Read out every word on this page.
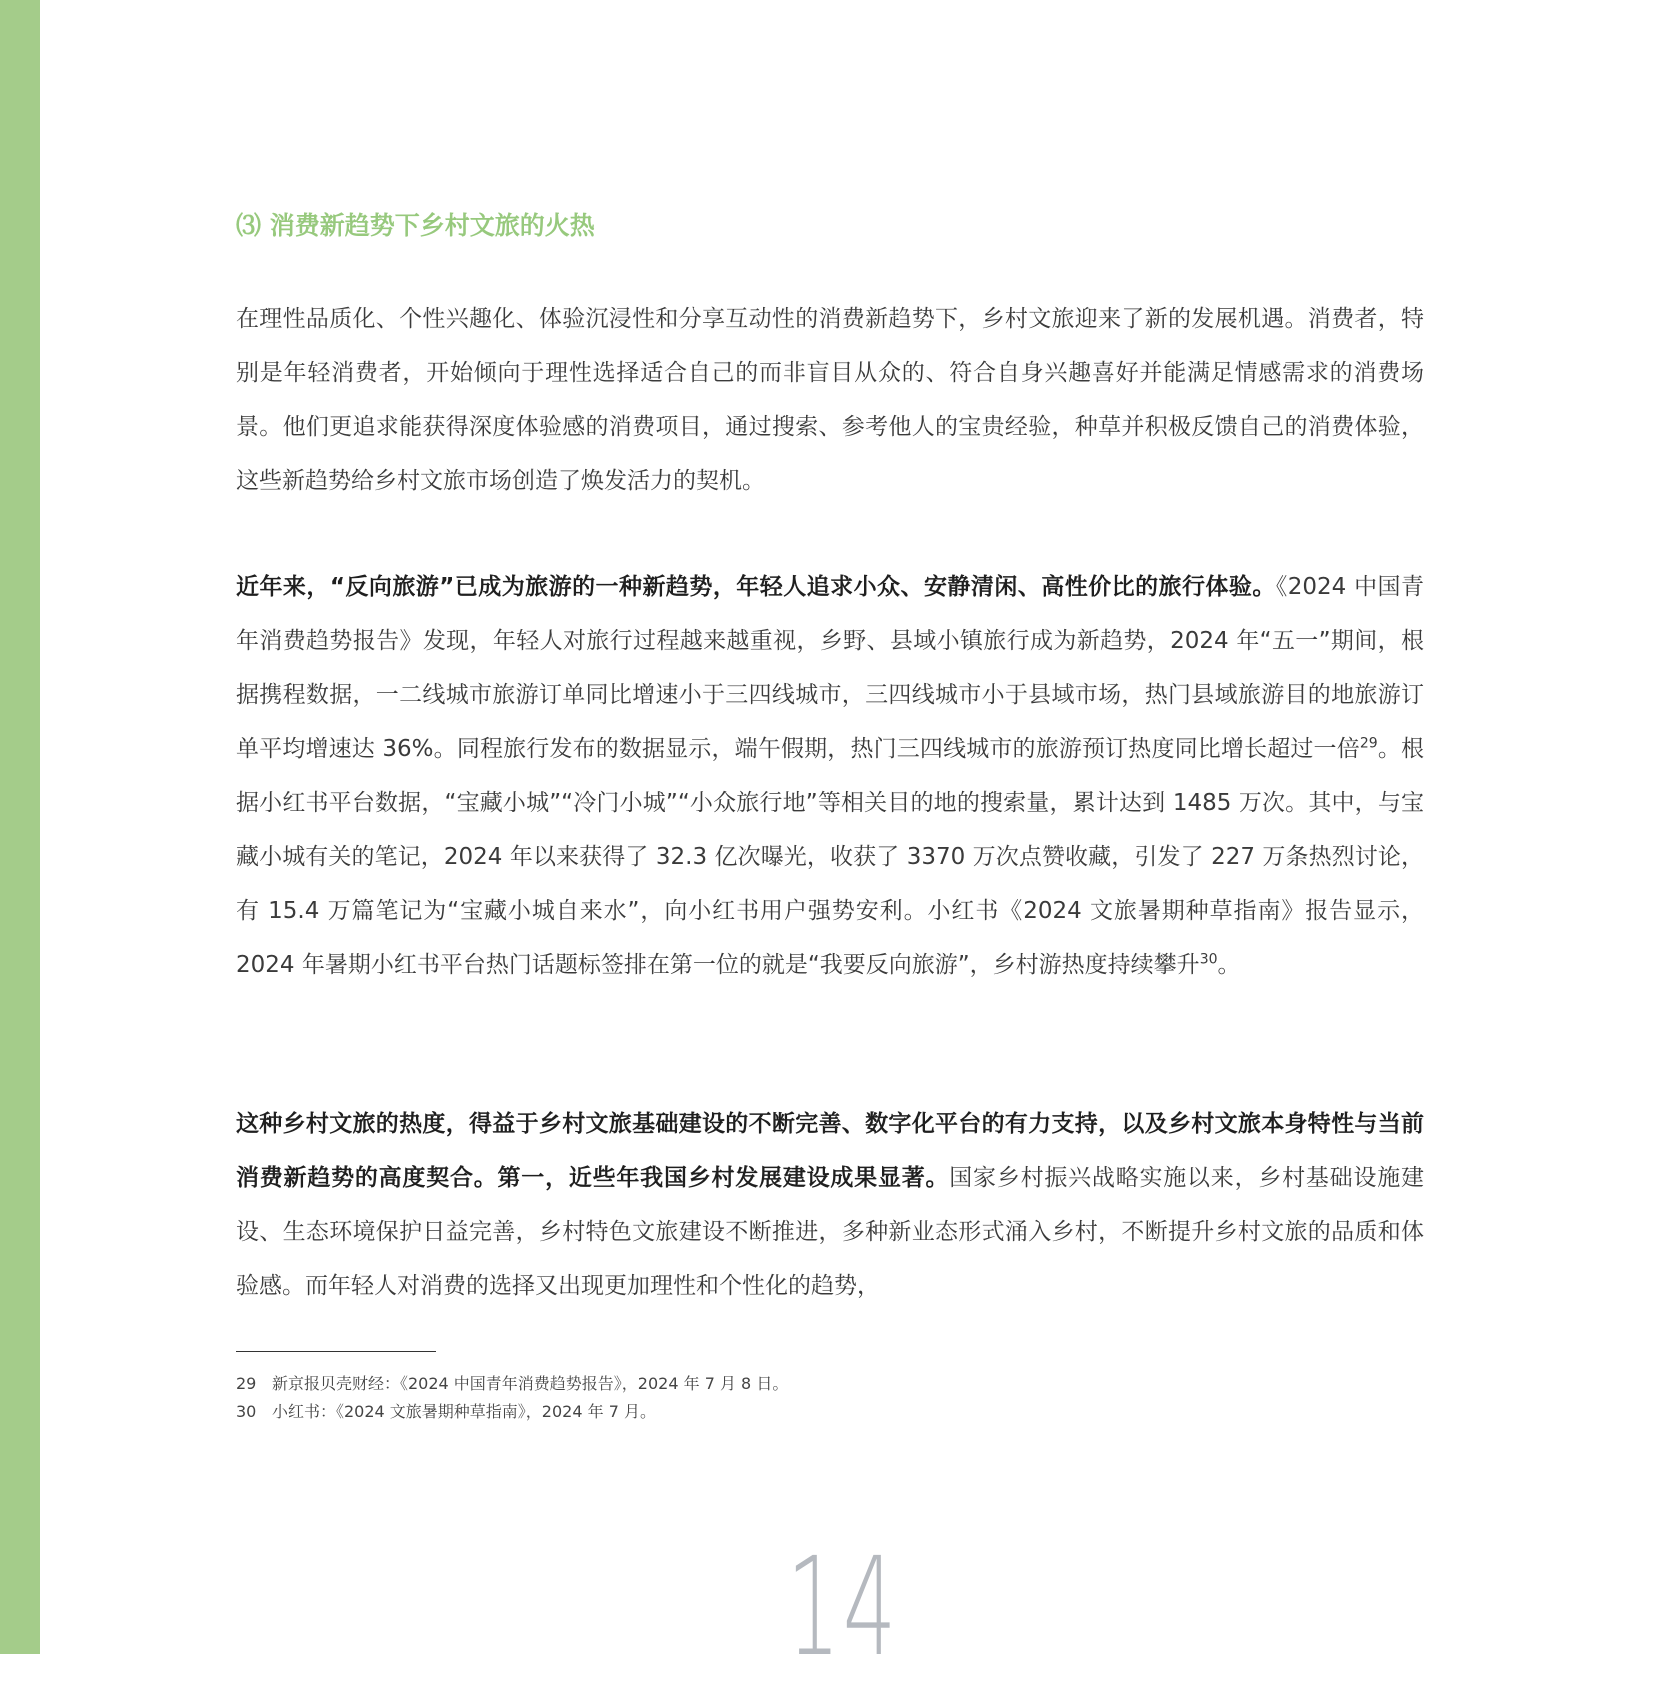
⑶ 消费新趋势下乡村文旅的火热

在理性品质化、个性兴趣化、体验沉浸性和分享互动性的消费新趋势下，乡村文旅迎来了新的发展机遇。消费者，特别是年轻消费者，开始倾向于理性选择适合自己的而非盲目从众的、符合自身兴趣喜好并能满足情感需求的消费场景。他们更追求能获得深度体验感的消费项目，通过搜索、参考他人的宝贵经验，种草并积极反馈自己的消费体验，这些新趋势给乡村文旅市场创造了焕发活力的契机。

近年来，“反向旅游”已成为旅游的一种新趋势，年轻人追求小众、安静清闲、高性价比的旅行体验。《2024 中国青年消费趋势报告》发现，年轻人对旅行过程越来越重视，乡野、县域小镇旅行成为新趋势，2024 年“五一”期间，根据携程数据，一二线城市旅游订单同比增速小于三四线城市，三四线城市小于县域市场，热门县域旅游目的地旅游订单平均增速达 36%。同程旅行发布的数据显示，端午假期，热门三四线城市的旅游预订热度同比增长超过一倍$^{29}$。根据小红书平台数据，“宝藏小城”“冷门小城”“小众旅行地”等相关目的地的搜索量，累计达到 1485 万次。其中，与宝藏小城有关的笔记，2024 年以来获得了 32.3 亿次曝光，收获了 3370 万次点赞收藏，引发了 227 万条热烈讨论，有 15.4 万篇笔记为“宝藏小城自来水”，向小红书用户强势安利。小红书《2024 文旅暑期种草指南》报告显示，2024 年暑期小红书平台热门话题标签排在第一位的就是“我要反向旅游”，乡村游热度持续攀升$^{30}$。

这种乡村文旅的热度，得益于乡村文旅基础建设的不断完善、数字化平台的有力支持，以及乡村文旅本身特性与当前消费新趋势的高度契合。第一，近些年我国乡村发展建设成果显著。国家乡村振兴战略实施以来，乡村基础设施建设、生态环境保护日益完善，乡村特色文旅建设不断推进，多种新业态形式涌入乡村，不断提升乡村文旅的品质和体验感。而年轻人对消费的选择又出现更加理性和个性化的趋势，

29 新京报贝壳财经：《2024 中国青年消费趋势报告》，2024 年 7 月 8 日。
30 小红书：《2024 文旅暑期种草指南》，2024 年 7 月。
14
